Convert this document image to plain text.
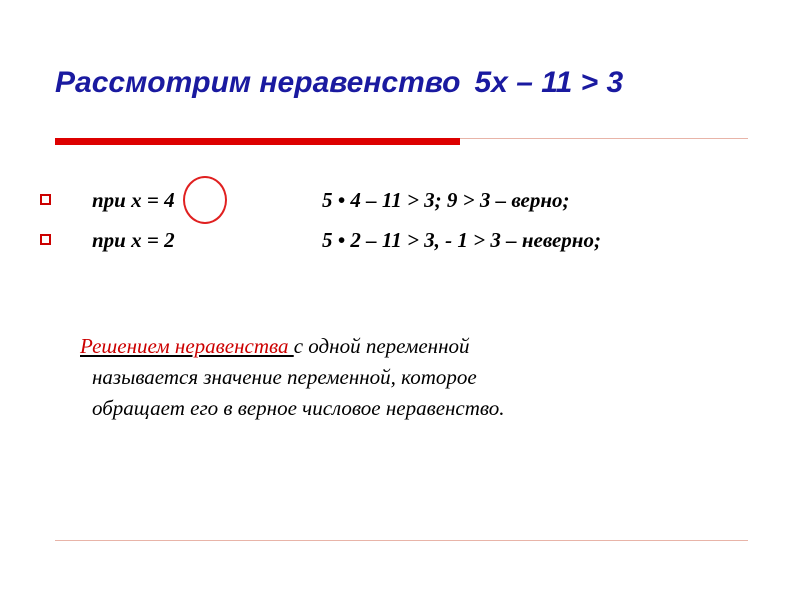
Рассмотрим неравенство 5x – 11 > 3
при х = 4	5 • 4 – 11 > 3; 9 > 3 – верно;
при х = 2	5 • 2 – 11 > 3, - 1 > 3 – неверно;

Решением неравенства с одной переменной
называется значение переменной, которое
обращает его в верное числовое неравенство.
